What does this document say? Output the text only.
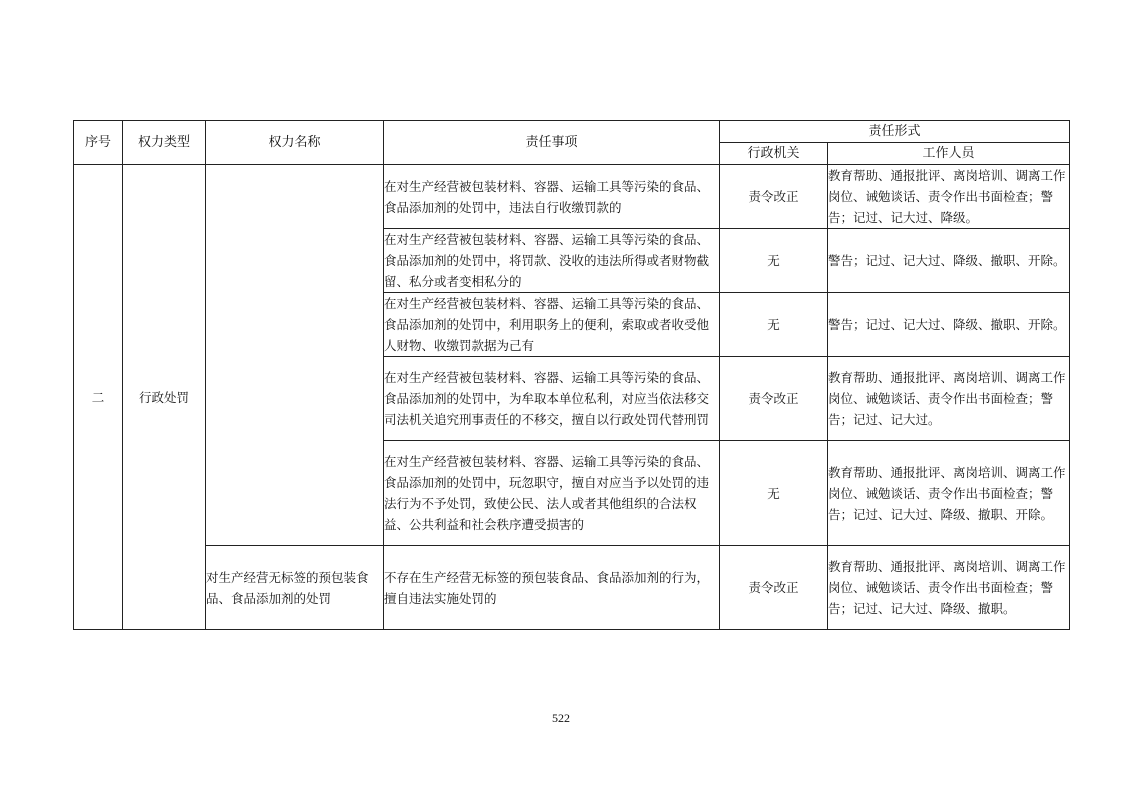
序号	权力类型	权力名称	责任事项	责任形式	
				行政机关	工作人员
二	行政处罚		在对生产经营被包装材料、容器、运输工具等污染的食品、食品添加剂的处罚中，违法自行收缴罚款的	责令改正	教育帮助、通报批评、离岗培训、调离工作岗位、诫勉谈话、责令作出书面检查；警告；记过、记大过、降级。
			在对生产经营被包装材料、容器、运输工具等污染的食品、食品添加剂的处罚中，将罚款、没收的违法所得或者财物截留、私分或者变相私分的	无	警告；记过、记大过、降级、撤职、开除。
			在对生产经营被包装材料、容器、运输工具等污染的食品、食品添加剂的处罚中，利用职务上的便利，索取或者收受他人财物、收缴罚款据为己有	无	警告；记过、记大过、降级、撤职、开除。
			在对生产经营被包装材料、容器、运输工具等污染的食品、食品添加剂的处罚中，为牟取本单位私利，对应当依法移交司法机关追究刑事责任的不移交，擅自以行政处罚代替刑罚	责令改正	教育帮助、通报批评、离岗培训、调离工作岗位、诫勉谈话、责令作出书面检查；警告；记过、记大过。
			在对生产经营被包装材料、容器、运输工具等污染的食品、食品添加剂的处罚中，玩忽职守，擅自对应当予以处罚的违法行为不予处罚，致使公民、法人或者其他组织的合法权益、公共利益和社会秩序遭受损害的	无	教育帮助、通报批评、离岗培训、调离工作岗位、诫勉谈话、责令作出书面检查；警告；记过、记大过、降级、撤职、开除。
		对生产经营无标签的预包装食品、食品添加剂的处罚	不存在生产经营无标签的预包装食品、食品添加剂的行为，擅自违法实施处罚的	责令改正	教育帮助、通报批评、离岗培训、调离工作岗位、诫勉谈话、责令作出书面检查；警告；记过、记大过、降级、撤职。
522
